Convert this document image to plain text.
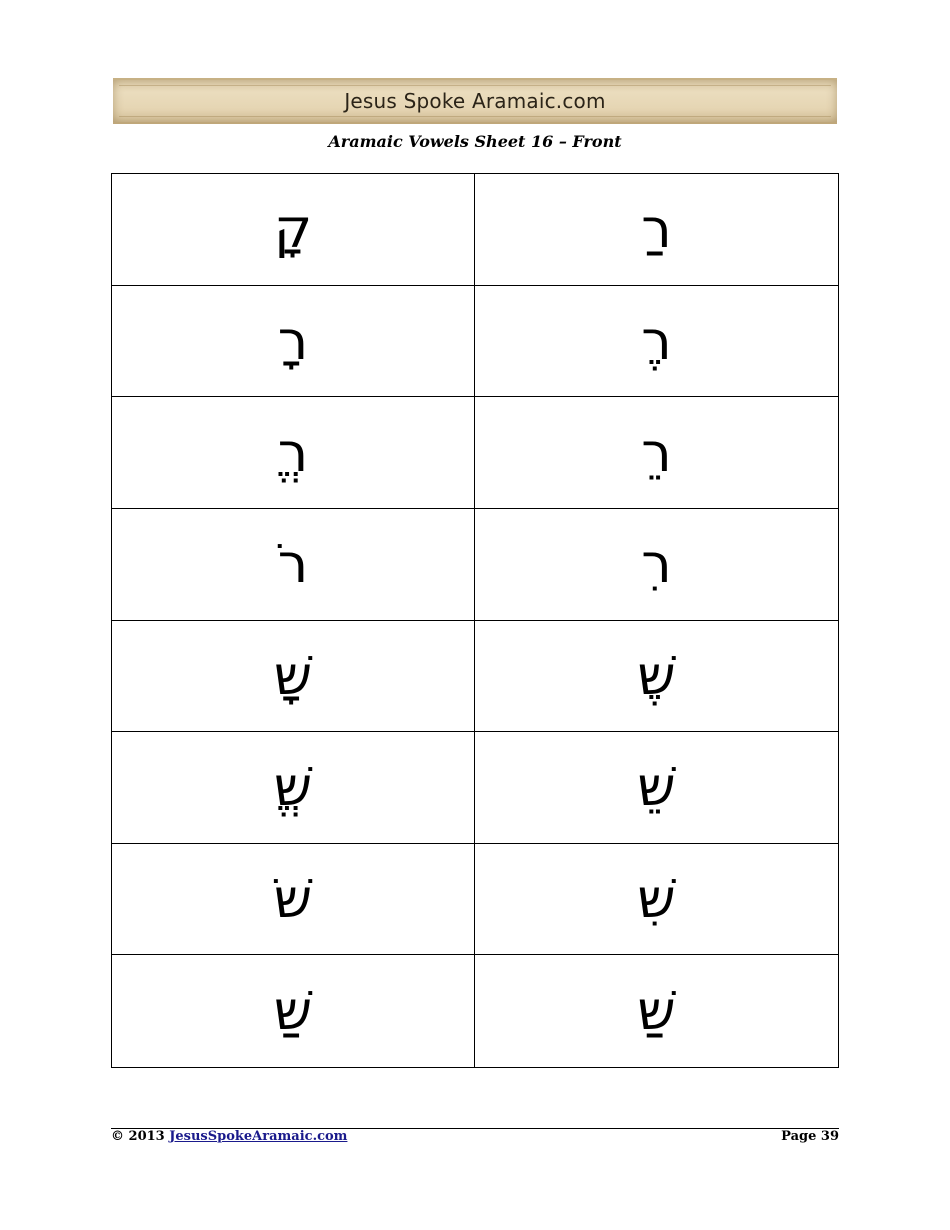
Jesus Spoke Aramaic.com
Aramaic Vowels Sheet 16 – Front
קָ	רַ
רָ	רֶ
רֱ	רֵ
רֹ	רִ
שָׁ	שֶׁ
שֱׁ	שֵׁ
שֹׁ	שִׁ
שַׁ	שַׁ
© 2013 JesusSpokeAramaic.com	Page 39
